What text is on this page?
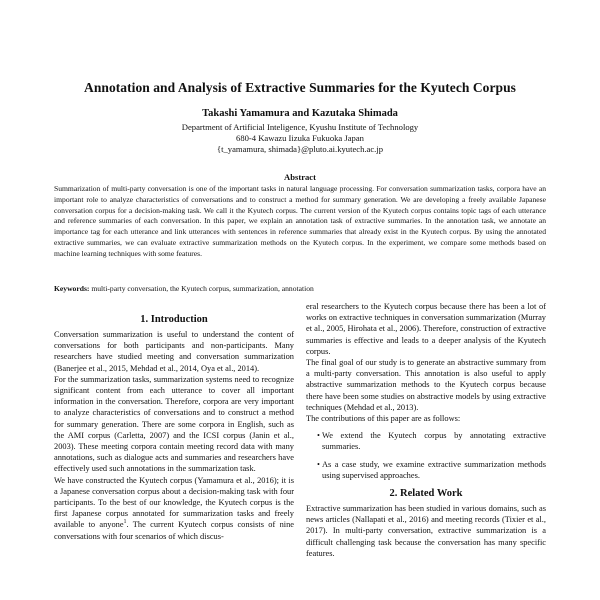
Annotation and Analysis of Extractive Summaries for the Kyutech Corpus
Takashi Yamamura and Kazutaka Shimada
Department of Artificial Inteligence, Kyushu Institute of Technology
680-4 Kawazu Iizuka Fukuoka Japan
{t_yamamura, shimada}@pluto.ai.kyutech.ac.jp
Abstract
Summarization of multi-party conversation is one of the important tasks in natural language processing. For conversation summarization tasks, corpora have an important role to analyze characteristics of conversations and to construct a method for summary generation. We are developing a freely available Japanese conversation corpus for a decision-making task. We call it the Kyutech corpus. The current version of the Kyutech corpus contains topic tags of each utterance and reference summaries of each conversation. In this paper, we explain an annotation task of extractive summaries. In the annotation task, we annotate an importance tag for each utterance and link utterances with sentences in reference summaries that already exist in the Kyutech corpus. By using the annotated extractive summaries, we can evaluate extractive summarization methods on the Kyutech corpus. In the experiment, we compare some methods based on machine learning techniques with some features.
Keywords: multi-party conversation, the Kyutech corpus, summarization, annotation
1. Introduction

Conversation summarization is useful to understand the content of conversations for both participants and non-participants. Many researchers have studied meeting and conversation summarization (Banerjee et al., 2015, Mehdad et al., 2014, Oya et al., 2014).

For the summarization tasks, summarization systems need to recognize significant content from each utterance to cover all important information in the conversation. Therefore, corpora are very important to analyze characteristics of conversations and to construct a method for summary generation. There are some corpora in English, such as the AMI corpus (Carletta, 2007) and the ICSI corpus (Janin et al., 2003). These meeting corpora contain meeting record data with many annotations, such as dialogue acts and summaries and researchers have effectively used such annotations in the summarization task.

We have constructed the Kyutech corpus (Yamamura et al., 2016); it is a Japanese conversation corpus about a decision-making task with four participants. To the best of our knowledge, the Kyutech corpus is the first Japanese corpus annotated for summarization tasks and freely available to anyone$^1$. The current Kyutech corpus consists of nine conversations with four scenarios of which discus-

eral researchers to the Kyutech corpus because there has been a lot of works on extractive techniques in conversation summarization (Murray et al., 2005, Hirohata et al., 2006). Therefore, construction of extractive summaries is effective and leads to a deeper analysis of the Kyutech corpus.

The final goal of our study is to generate an abstractive summary from a multi-party conversation. This annotation is also useful to apply abstractive summarization methods to the Kyutech corpus because there have been some studies on abstractive models by using extractive techniques (Mehdad et al., 2013).

The contributions of this paper are as follows:

• We extend the Kyutech corpus by annotating extractive summaries.
• As a case study, we examine extractive summarization methods using supervised approaches.
2. Related Work

Extractive summarization has been studied in various domains, such as news articles (Nallapati et al., 2016) and meeting records (Tixier et al., 2017). In multi-party conversation, extractive summarization is a difficult challenging task because the conversation has many specific features.
